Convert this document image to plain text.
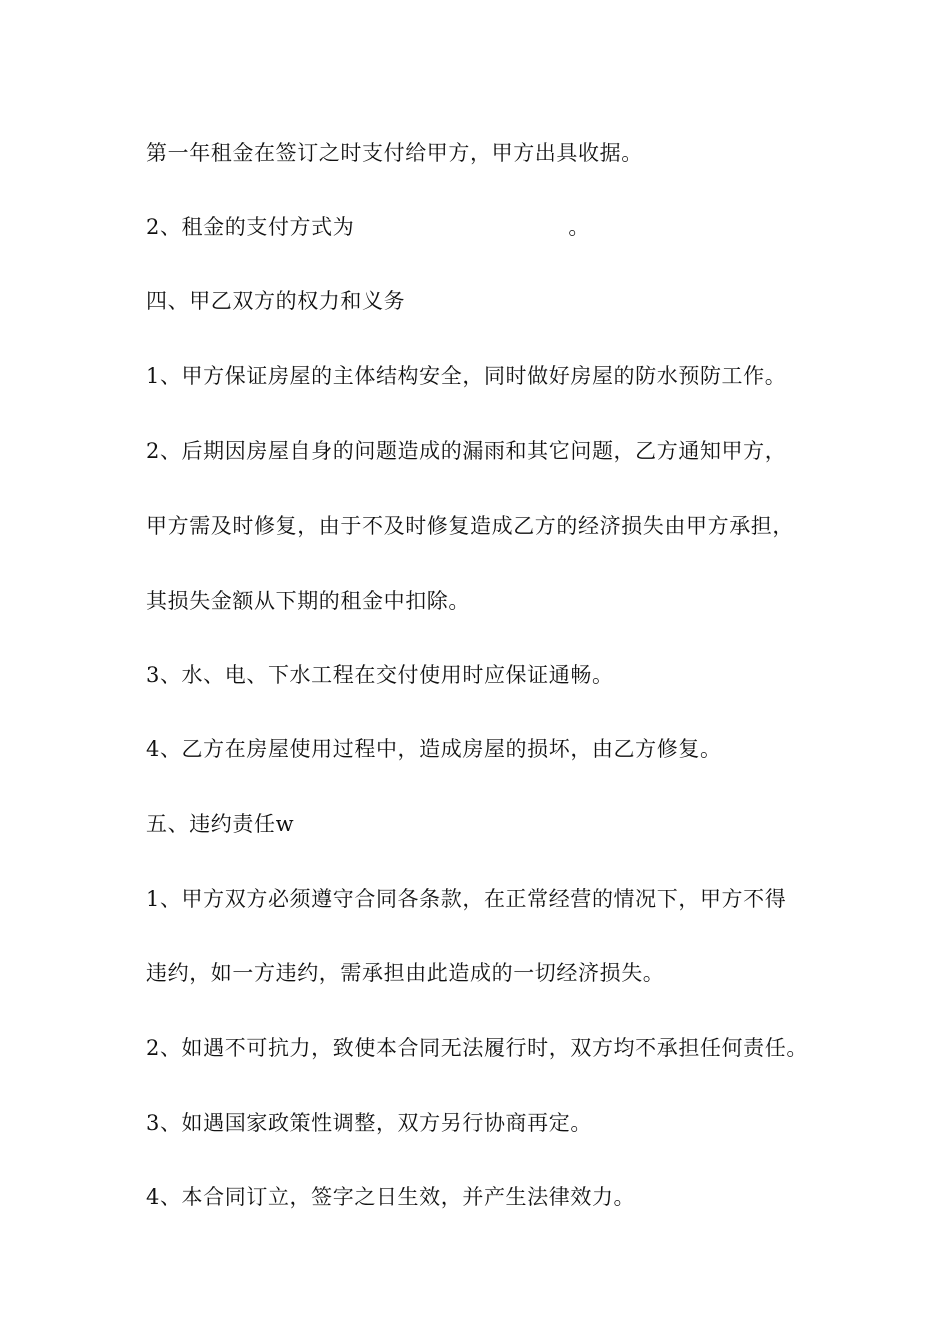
第一年租金在签订之时支付给甲方，甲方出具收据。
2、租金的支付方式为	。
四、甲乙双方的权力和义务
1、甲方保证房屋的主体结构安全，同时做好房屋的防水预防工作。
2、后期因房屋自身的问题造成的漏雨和其它问题，乙方通知甲方，
甲方需及时修复，由于不及时修复造成乙方的经济损失由甲方承担，
其损失金额从下期的租金中扣除。
3、水、电、下水工程在交付使用时应保证通畅。
4、乙方在房屋使用过程中，造成房屋的损坏，由乙方修复。
五、违约责任w
1、甲方双方必须遵守合同各条款，在正常经营的情况下，甲方不得
违约，如一方违约，需承担由此造成的一切经济损失。
2、如遇不可抗力，致使本合同无法履行时，双方均不承担任何责任。
3、如遇国家政策性调整，双方另行协商再定。
4、本合同订立，签字之日生效，并产生法律效力。
